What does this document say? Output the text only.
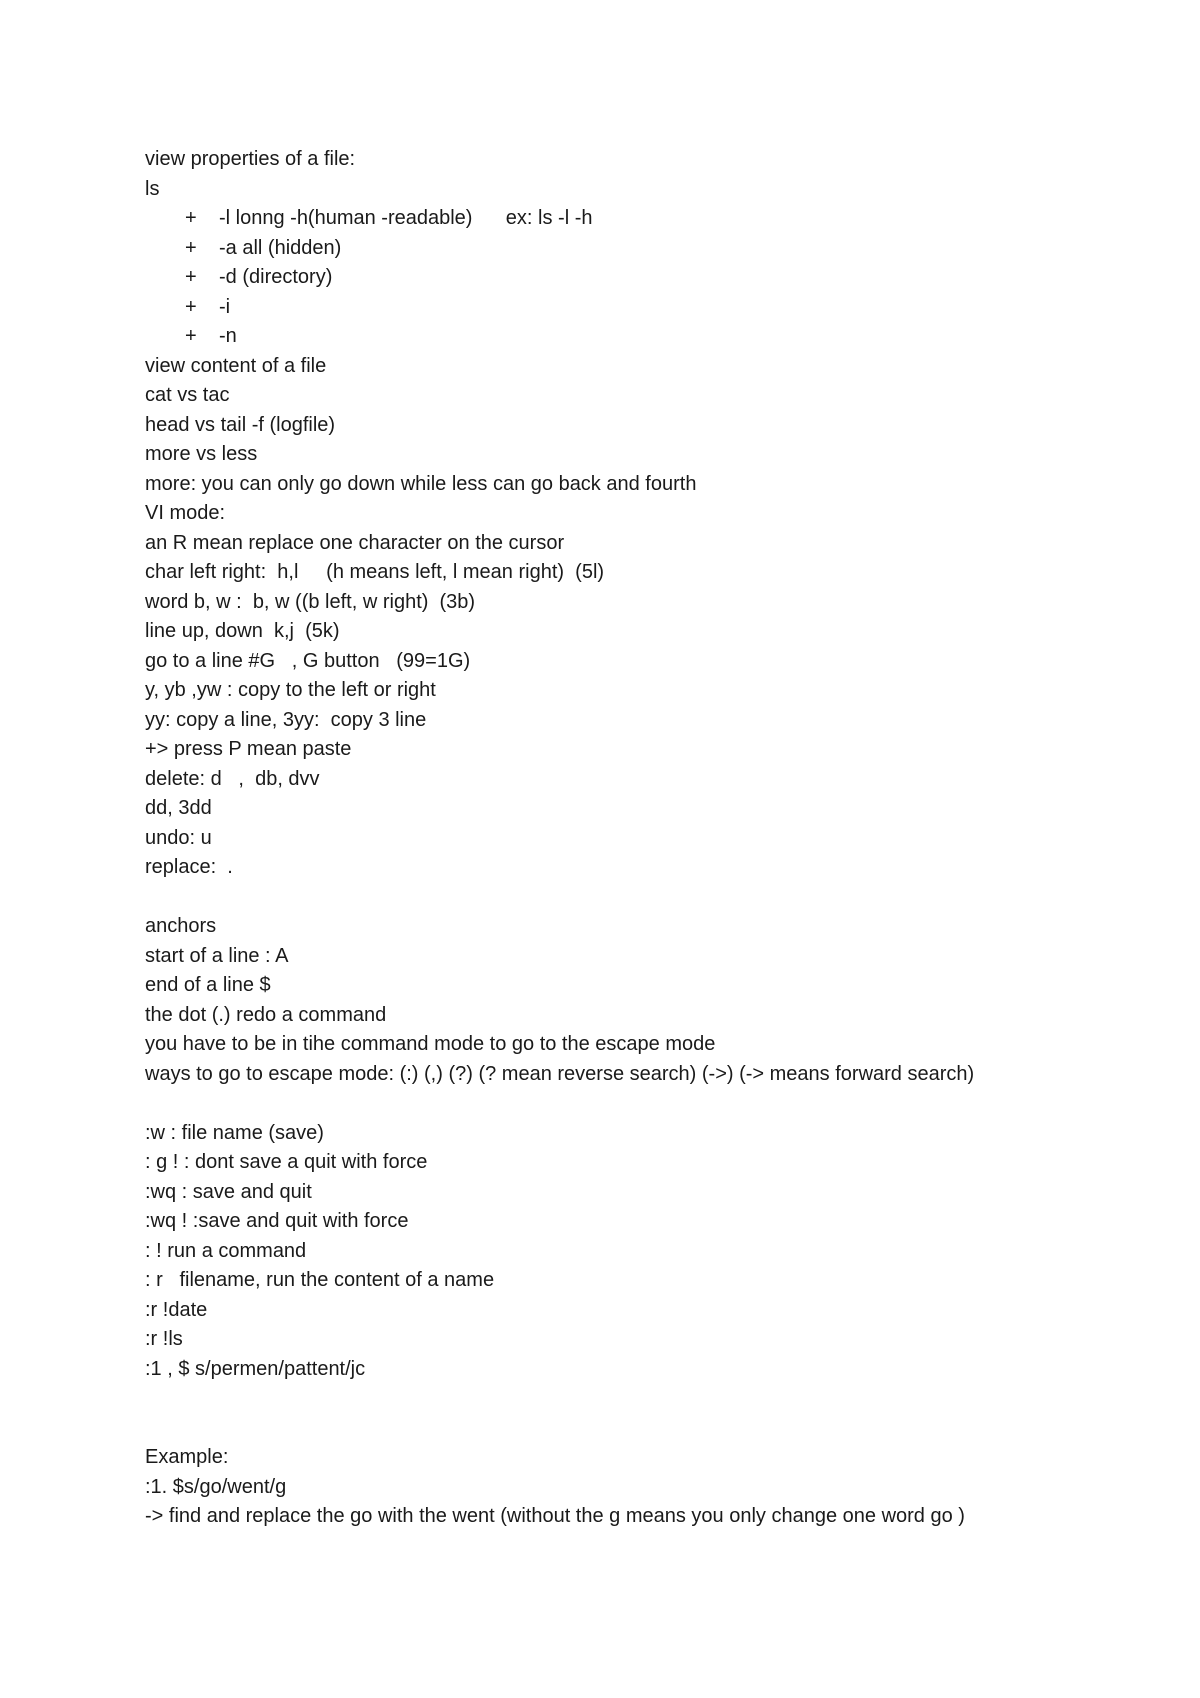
view properties of a file:
ls
+	-l lonng -h(human -readable)      ex: ls -l -h
+	-a all (hidden)
+	-d (directory)
+	-i
+	-n
view content of a file
cat vs tac
head vs tail -f (logfile)
more vs less
more: you can only go down while less can go back and fourth
VI mode:
an R mean replace one character on the cursor
char left right:  h,l     (h means left, l mean right)  (5l)
word b, w :  b, w ((b left, w right)  (3b)
line up, down  k,j  (5k)
go to a line #G   , G button   (99=1G)
y, yb ,yw : copy to the left or right
yy: copy a line, 3yy:  copy 3 line
+> press P mean paste
delete: d   ,  db, dvv
dd, 3dd
undo: u
replace:  .
anchors
start of a line : A
end of a line $
the dot (.) redo a command
you have to be in tihe command mode to go to the escape mode
ways to go to escape mode: (:) (,) (?) (? mean reverse search) (->) (-> means forward search)
:w : file name (save)
: g ! : dont save a quit with force
:wq : save and quit
:wq ! :save and quit with force
: ! run a command
: r   filename, run the content of a name
:r !date
:r !ls
:1 , $ s/permen/pattent/jc
Example:
:1. $s/go/went/g
-> find and replace the go with the went (without the g means you only change one word go )
